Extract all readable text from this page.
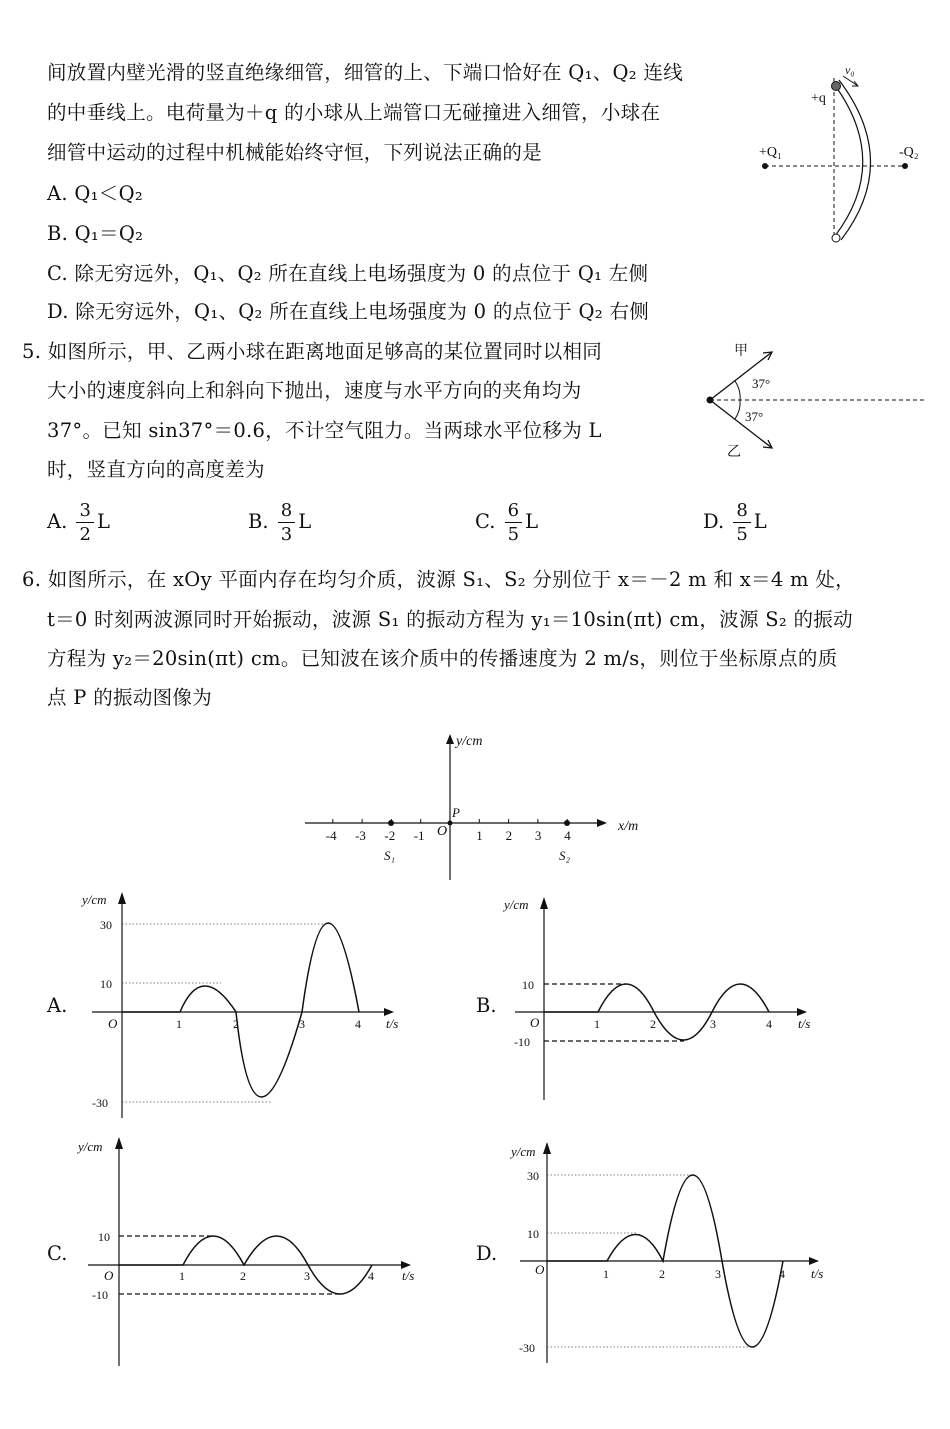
间放置内壁光滑的竖直绝缘细管，细管的上、下端口恰好在 Q₁、Q₂ 连线
的中垂线上。电荷量为＋q 的小球从上端管口无碰撞进入细管，小球在
细管中运动的过程中机械能始终守恒，下列说法正确的是
A. Q₁＜Q₂
B. Q₁＝Q₂
C. 除无穷远外，Q₁、Q₂ 所在直线上电场强度为 0 的点位于 Q₁ 左侧
D. 除无穷远外，Q₁、Q₂ 所在直线上电场强度为 0 的点位于 Q₂ 右侧
v₀
+q
+Q₁	-Q₂
5. 如图所示，甲、乙两小球在距离地面足够高的某位置同时以相同
大小的速度斜向上和斜向下抛出，速度与水平方向的夹角均为
37°。已知 sin37°＝0.6，不计空气阻力。当两球水平位移为 L
时，竖直方向的高度差为
甲
乙
37°
37°
A. $\frac{3}{2}$ L	B. $\frac{8}{3}$ L	C. $\frac{6}{5}$ L	D. $\frac{8}{5}$ L
6. 如图所示，在 xOy 平面内存在均匀介质，波源 S₁、S₂ 分别位于 x＝－2 m 和 x＝4 m 处，
t＝0 时刻两波源同时开始振动，波源 S₁ 的振动方程为 y₁＝10sin(πt) cm，波源 S₂ 的振动
方程为 y₂＝20sin(πt) cm。已知波在该介质中的传播速度为 2 m/s，则位于坐标原点的质
点 P 的振动图像为
-4 -3 -2 -1	1 2 3 4
y/cm
x/m
O
P
S₁	S₂
A.	B.
C.	D.
y/cm
30
10
-30
O	1	2	3	4 t/s
y/cm
10
-10
O	1	2	3	4 t/s
y/cm
10
-10
O	1	2	3	4 t/s
y/cm
30
10
-30
O	1	2	3	4 t/s
